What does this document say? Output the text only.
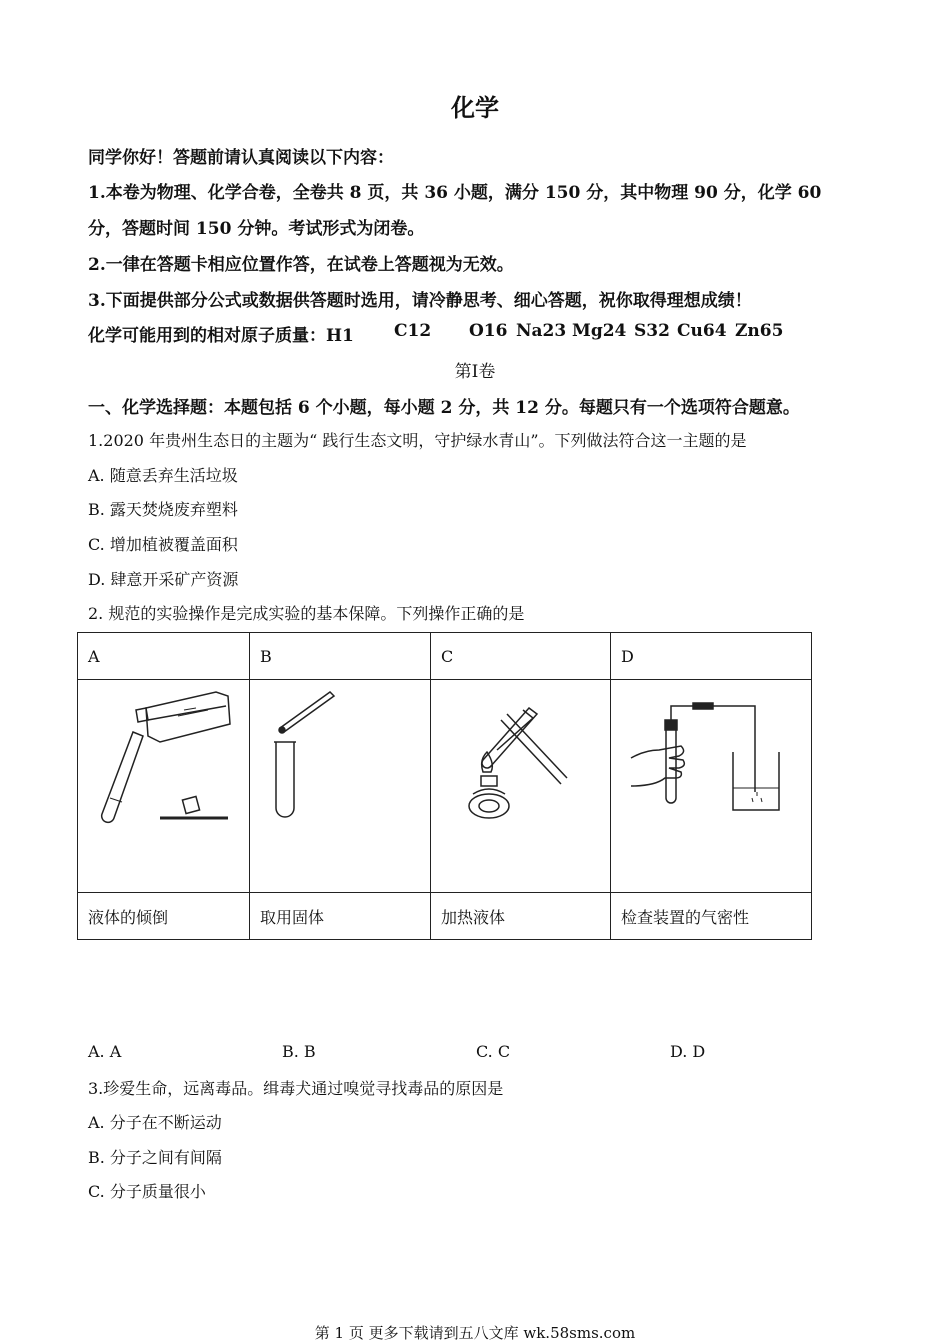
化学
同学你好！答题前请认真阅读以下内容：
1.本卷为物理、化学合卷，全卷共 8 页，共 36 小题，满分 150 分，其中物理 90 分，化学 60
分，答题时间 150 分钟。考试形式为闭卷。
2.一律在答题卡相应位置作答，在试卷上答题视为无效。
3.下面提供部分公式或数据供答题时选用，请冷静思考、细心答题，祝你取得理想成绩！
化学可能用到的相对原子质量：H1 C12 O16 Na23 Mg24 S32 Cu64 Zn65
第Ⅰ卷
一、化学选择题：本题包括 6 个小题，每小题 2 分，共 12 分。每题只有一个选项符合题意。
1.2020 年贵州生态日的主题为“ 践行生态文明，守护绿水青山”。下列做法符合这一主题的是
A. 随意丢弃生活垃圾
B. 露天焚烧废弃塑料
C. 增加植被覆盖面积
D. 肆意开采矿产资源
2. 规范的实验操作是完成实验的基本保障。下列操作正确的是
A	B	C	D

液体的倾倒	取用固体	加热液体	检查装置的气密性
A. A	B. B	C. C	D. D
3.珍爱生命，远离毒品。缉毒犬通过嗅觉寻找毒品的原因是
A. 分子在不断运动
B. 分子之间有间隔
C. 分子质量很小
第 1 页 更多下载请到五八文库 wk.58sms.com
